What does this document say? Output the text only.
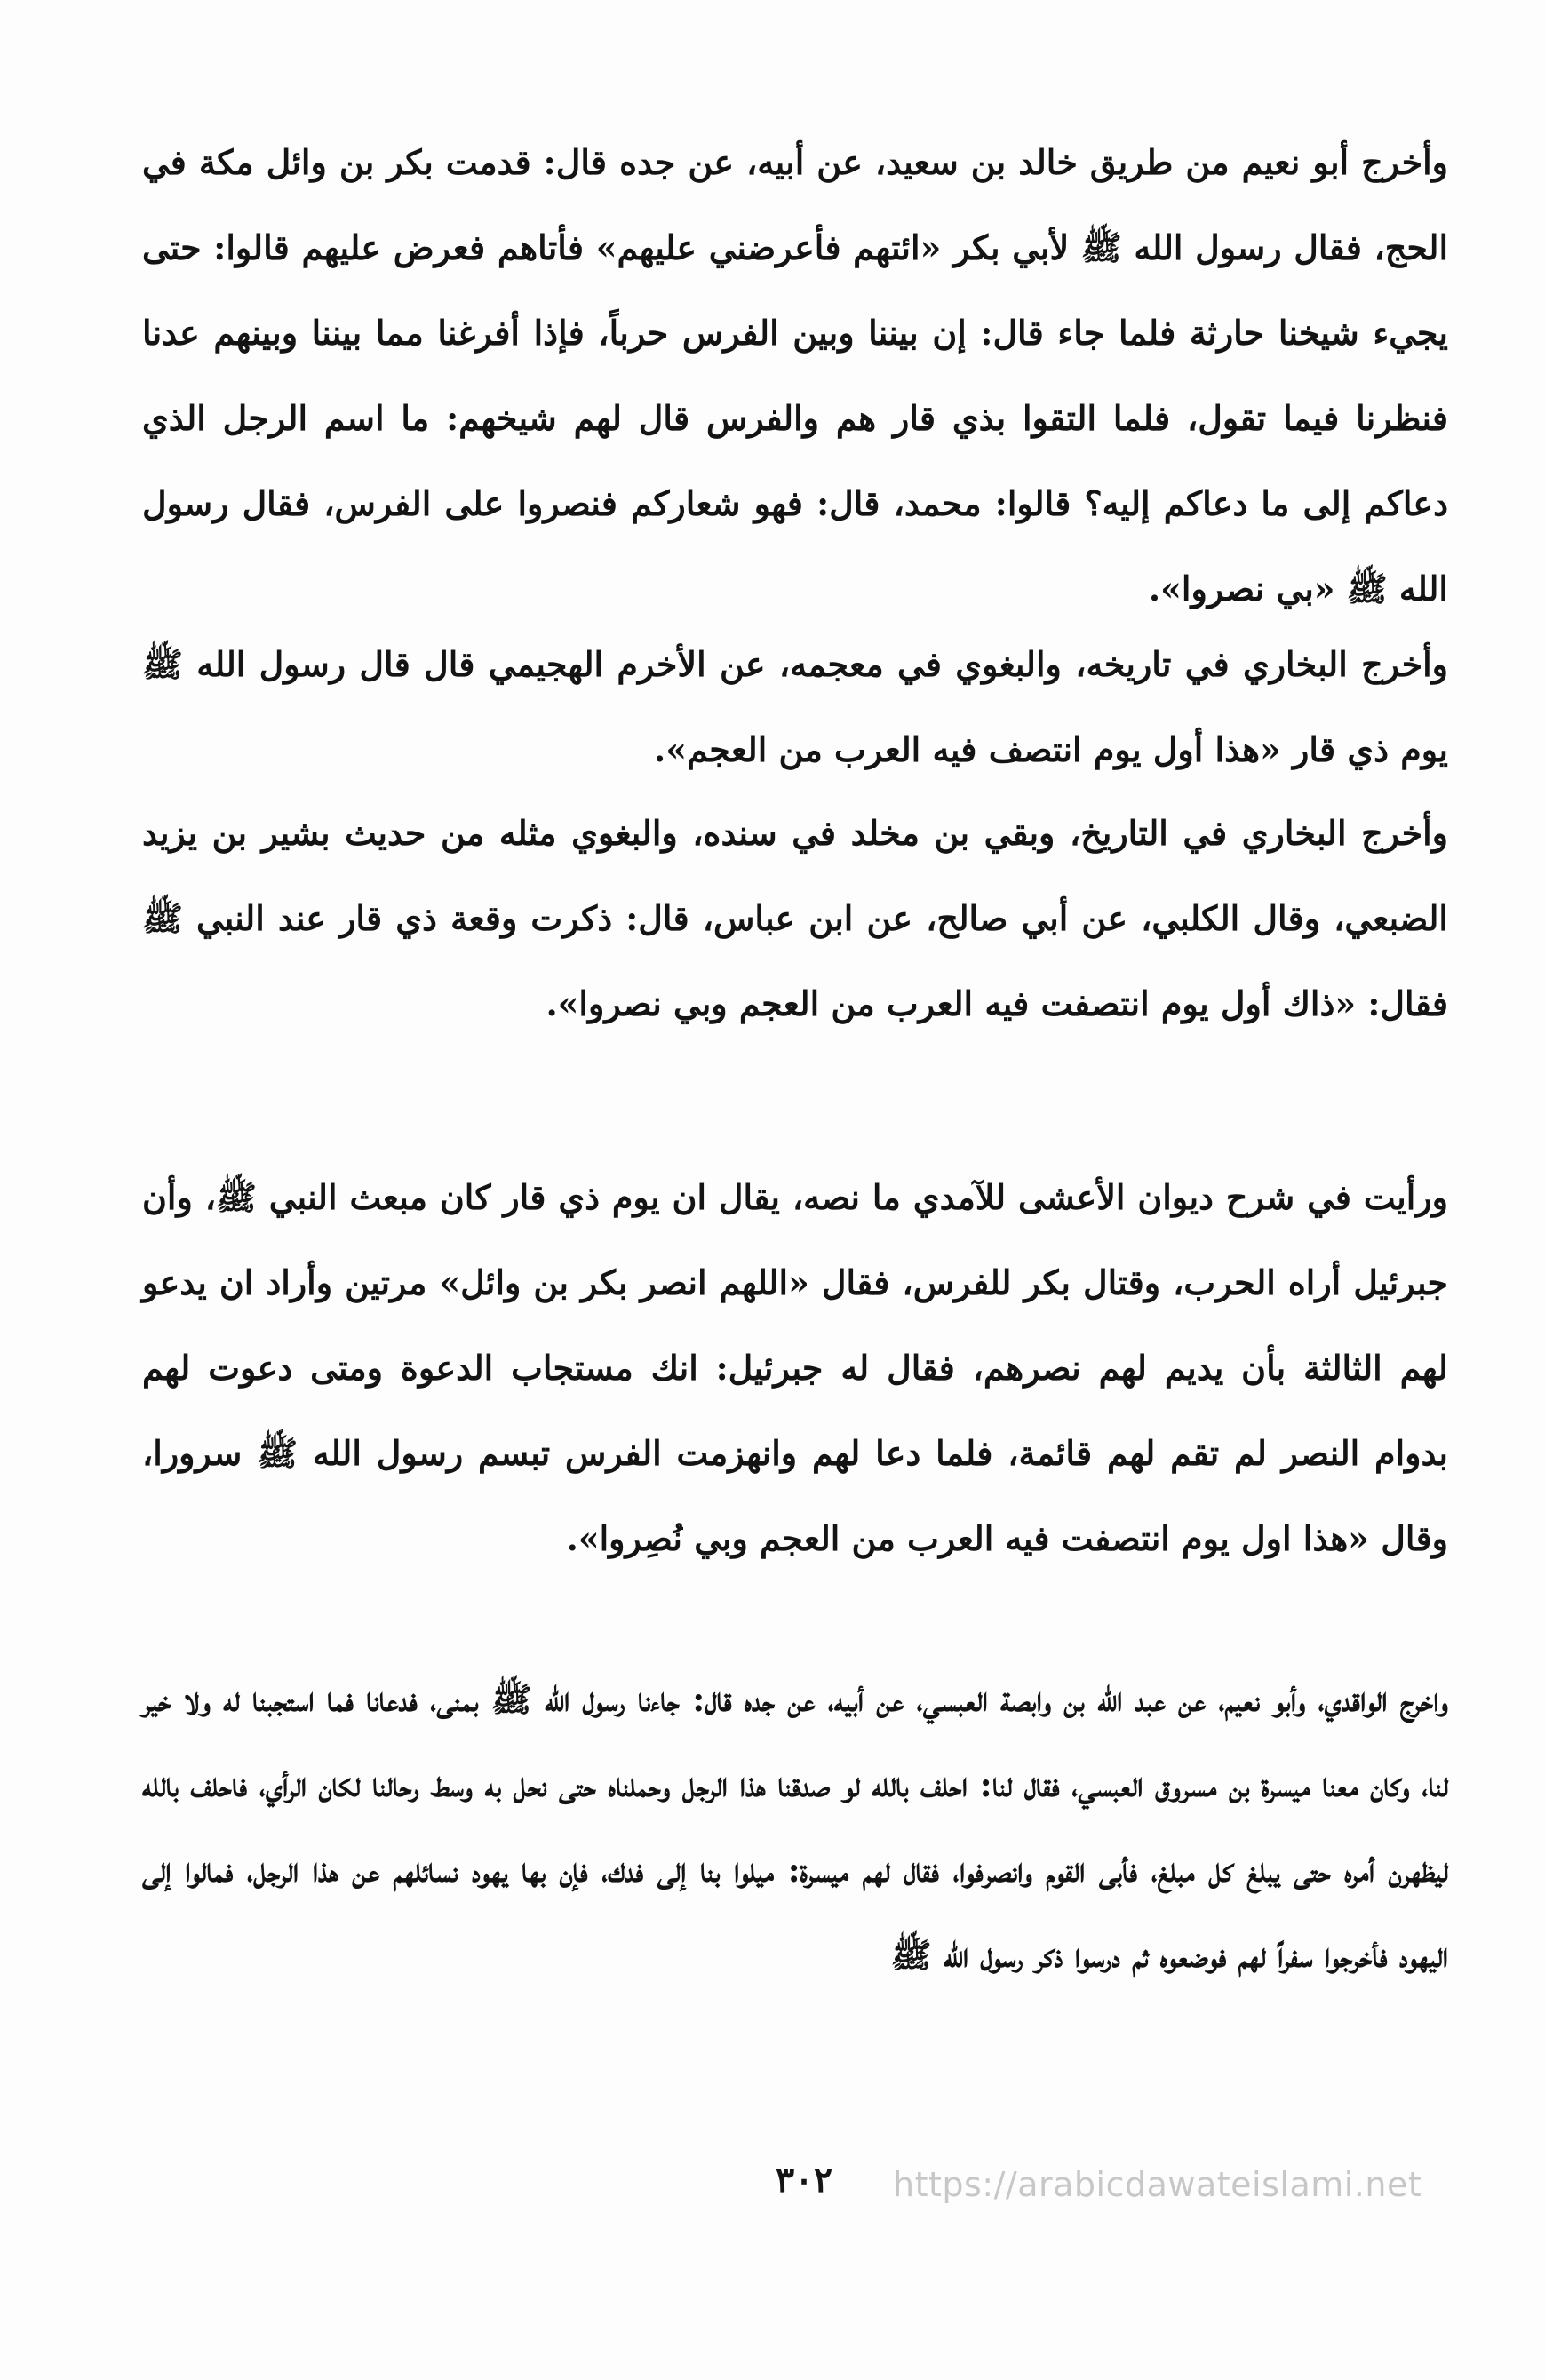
وأخرج أبو نعيم من طريق خالد بن سعيد، عن أبيه، عن جده قال: قدمت بكر بن وائل مكة في الحج، فقال رسول الله ﷺ لأبي بكر «ائتهم فأعرضني عليهم» فأتاهم فعرض عليهم قالوا: حتى يجيء شيخنا حارثة فلما جاء قال: إن بيننا وبين الفرس حرباً، فإذا أفرغنا مما بيننا وبينهم عدنا فنظرنا فيما تقول، فلما التقوا بذي قار هم والفرس قال لهم شيخهم: ما اسم الرجل الذي دعاكم إلى ما دعاكم إليه؟ قالوا: محمد، قال: فهو شعاركم فنصروا على الفرس، فقال رسول الله ﷺ «بي نصروا».

وأخرج البخاري في تاريخه، والبغوي في معجمه، عن الأخرم الهجيمي قال قال رسول الله ﷺ يوم ذي قار «هذا أول يوم انتصف فيه العرب من العجم».

وأخرج البخاري في التاريخ، وبقي بن مخلد في سنده، والبغوي مثله من حديث بشير بن يزيد الضبعي، وقال الكلبي، عن أبي صالح، عن ابن عباس، قال: ذكرت وقعة ذي قار عند النبي ﷺ فقال: «ذاك أول يوم انتصفت فيه العرب من العجم وبي نصروا».

ورأيت في شرح ديوان الأعشى للآمدي ما نصه، يقال ان يوم ذي قار كان مبعث النبي ﷺ، وأن جبرئيل أراه الحرب، وقتال بكر للفرس، فقال «اللهم انصر بكر بن وائل» مرتين وأراد ان يدعو لهم الثالثة بأن يديم لهم نصرهم، فقال له جبرئيل: انك مستجاب الدعوة ومتى دعوت لهم بدوام النصر لم تقم لهم قائمة، فلما دعا لهم وانهزمت الفرس تبسم رسول الله ﷺ سرورا، وقال «هذا اول يوم انتصفت فيه العرب من العجم وبي نُصِروا».

واخرج الواقدي، وأبو نعيم، عن عبد الله بن وابصة العبسي، عن أبيه، عن جده قال: جاءنا رسول الله ﷺ بمنى، فدعانا فما استجبنا له ولا خير لنا، وكان معنا ميسرة بن مسروق العبسي، فقال لنا: احلف بالله لو صدقنا هذا الرجل وحملناه حتى نحل به وسط رحالنا لكان الرأي، فاحلف بالله ليظهرن أمره حتى يبلغ كل مبلغ، فأبى القوم وانصرفوا، فقال لهم ميسرة: ميلوا بنا إلى فدك، فإن بها يهود نسائلهم عن هذا الرجل، فمالوا إلى اليهود فأخرجوا سفراً لهم فوضعوه ثم درسوا ذكر رسول الله ﷺ

٣٠٢	https://arabicdawateislami.net
